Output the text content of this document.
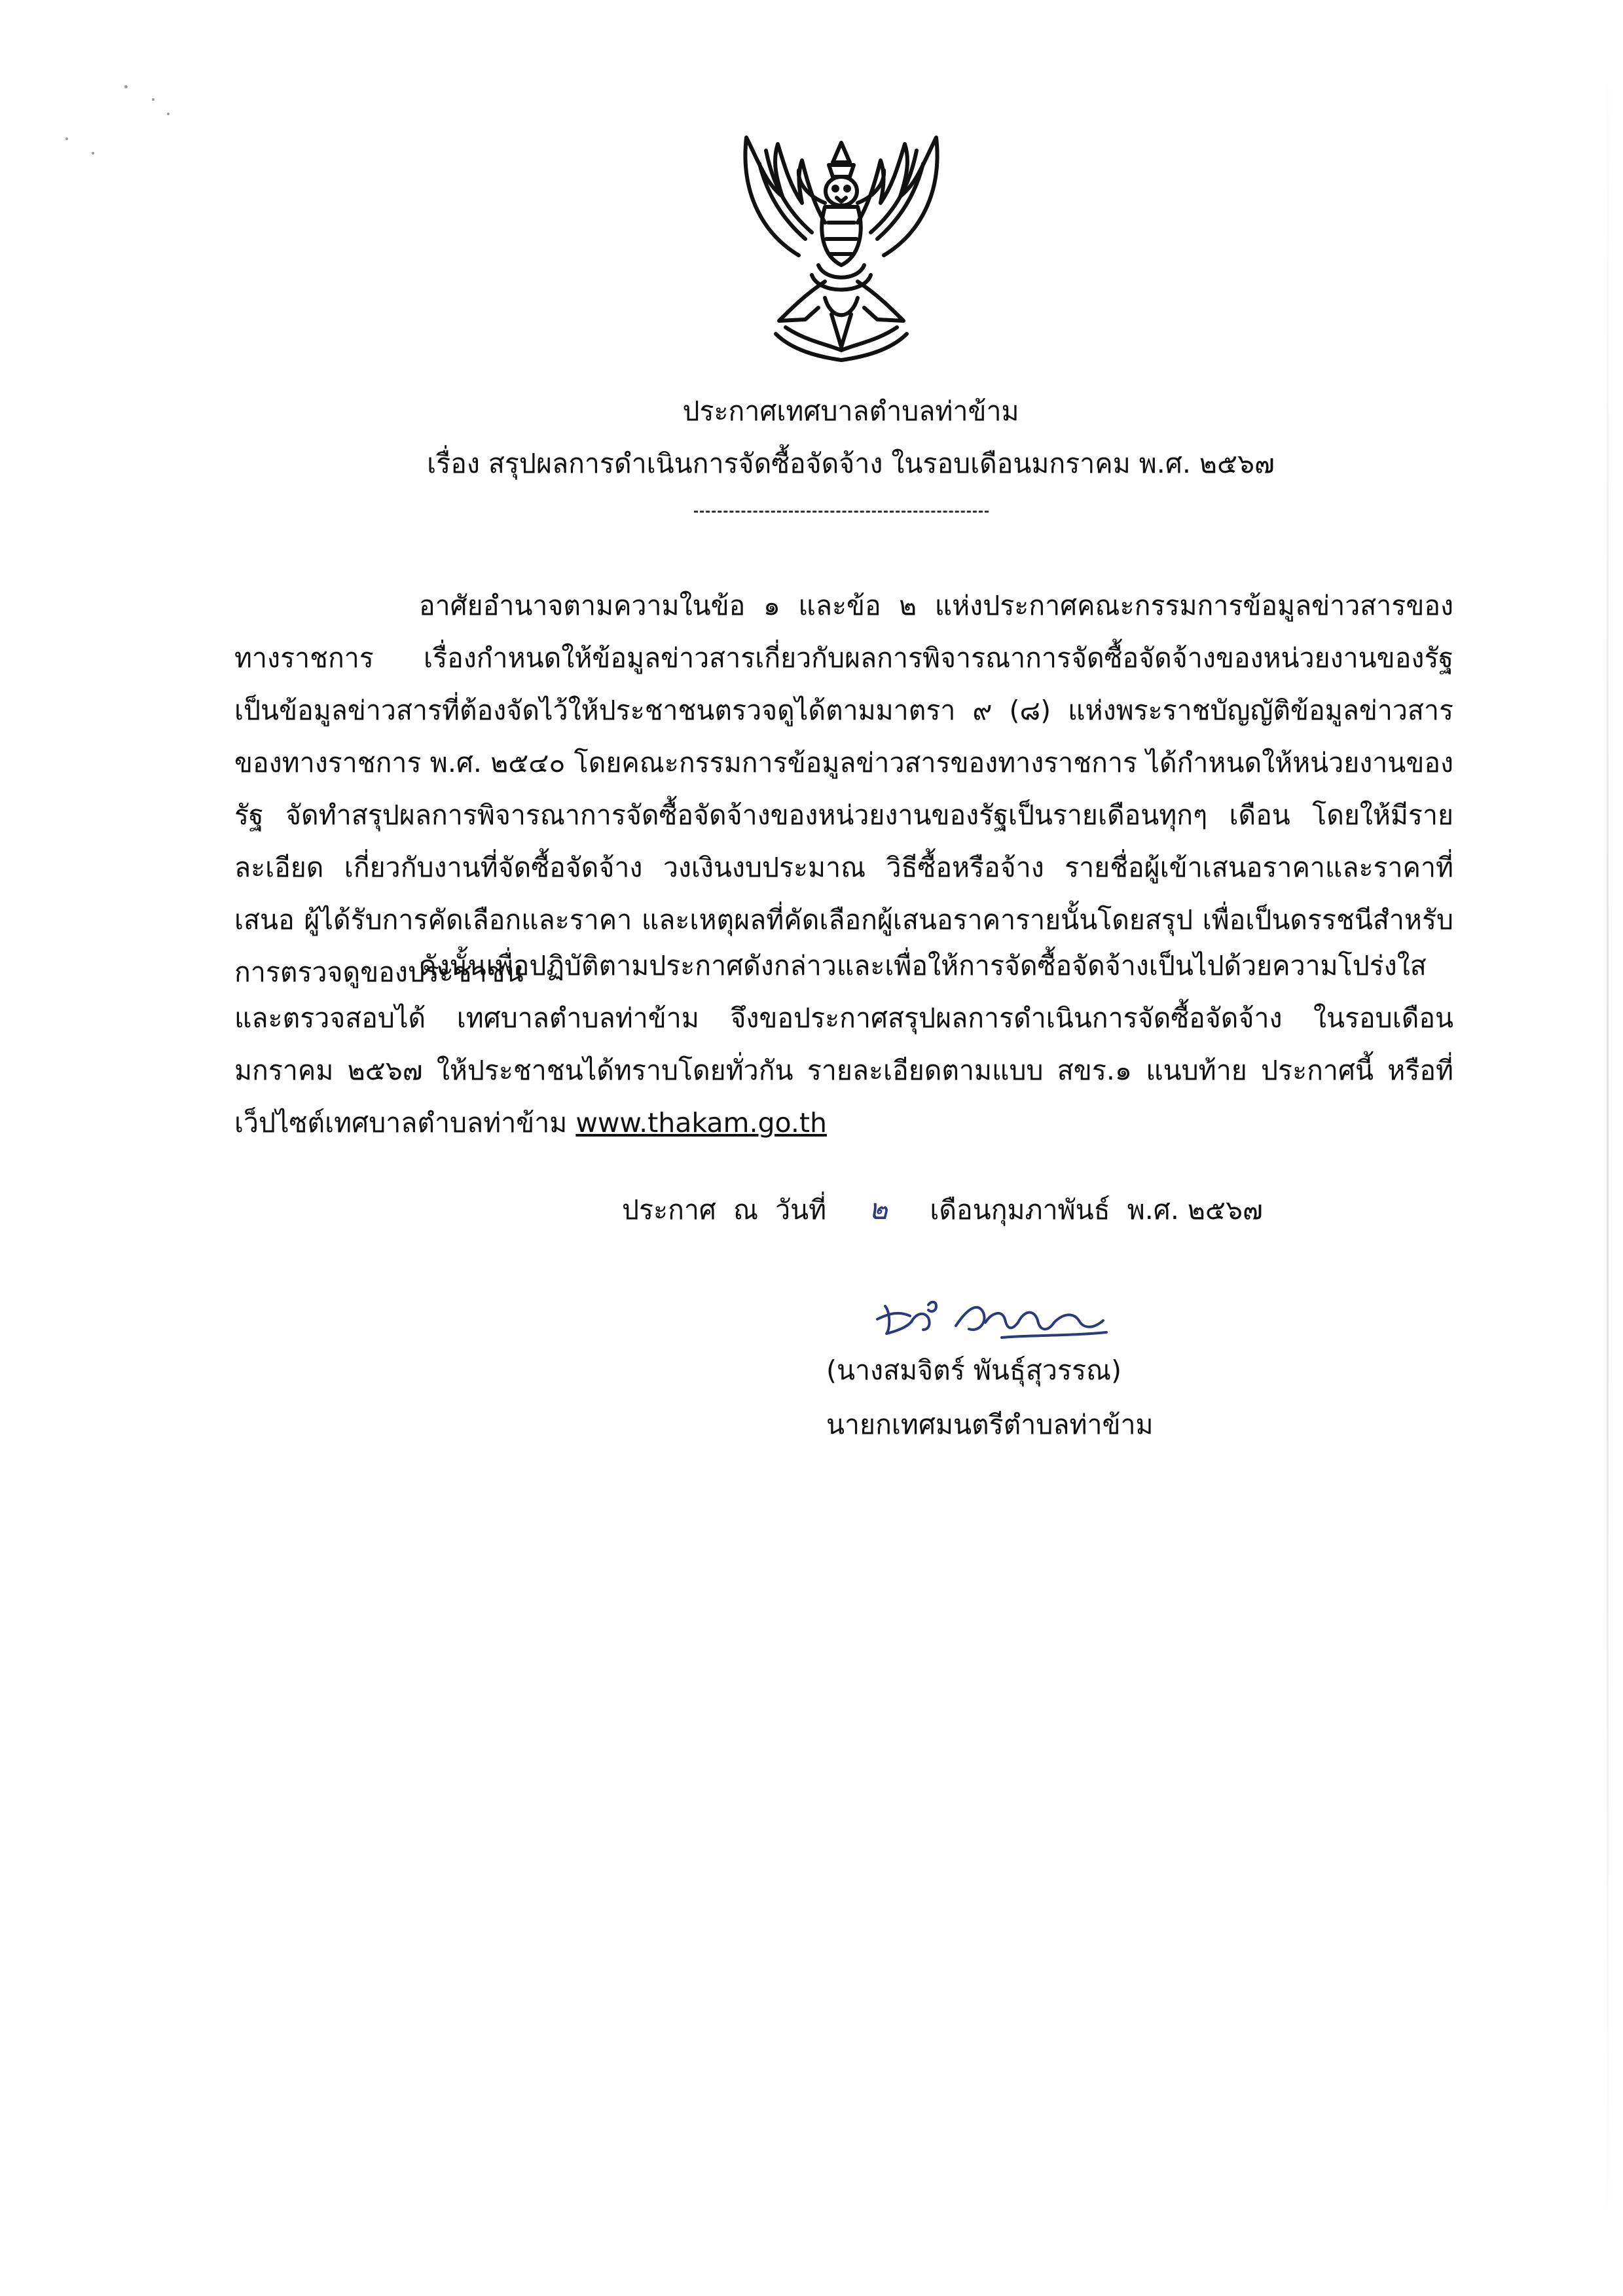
ประกาศเทศบาลตำบลท่าข้าม
เรื่อง สรุปผลการดำเนินการจัดซื้อจัดจ้าง ในรอบเดือนมกราคม พ.ศ. ๒๕๖๗
อาศัยอำนาจตามความในข้อ ๑ และข้อ ๒ แห่งประกาศคณะกรรมการข้อมูลข่าวสารของทางราชการ เรื่องกำหนดให้ข้อมูลข่าวสารเกี่ยวกับผลการพิจารณาการจัดซื้อจัดจ้างของหน่วยงานของรัฐ เป็นข้อมูลข่าวสารที่ต้องจัดไว้ให้ประชาชนตรวจดูได้ตามมาตรา ๙ (๘) แห่งพระราชบัญญัติข้อมูลข่าวสารของทางราชการ พ.ศ. ๒๕๔๐ โดยคณะกรรมการข้อมูลข่าวสารของทางราชการ ได้กำหนดให้หน่วยงานของรัฐ จัดทำสรุปผลการพิจารณาการจัดซื้อจัดจ้างของหน่วยงานของรัฐเป็นรายเดือนทุกๆ เดือน โดยให้มีรายละเอียด เกี่ยวกับงานที่จัดซื้อจัดจ้าง วงเงินงบประมาณ วิธีซื้อหรือจ้าง รายชื่อผู้เข้าเสนอราคาและราคาที่เสนอ ผู้ได้รับการคัดเลือกและราคา และเหตุผลที่คัดเลือกผู้เสนอราคารายนั้นโดยสรุป เพื่อเป็นดรรชนีสำหรับการตรวจดูของประชาชน
ดังนั้นเพื่อปฏิบัติตามประกาศดังกล่าวและเพื่อให้การจัดซื้อจัดจ้างเป็นไปด้วยความโปร่งใสและตรวจสอบได้ เทศบาลตำบลท่าข้าม จึงขอประกาศสรุปผลการดำเนินการจัดซื้อจัดจ้าง ในรอบเดือนมกราคม ๒๕๖๗ ให้ประชาชนได้ทราบโดยทั่วกัน รายละเอียดตามแบบ สขร.๑ แนบท้าย ประกาศนี้ หรือที่เว็ปไซต์เทศบาลตำบลท่าข้าม www.thakam.go.th
ประกาศ  ณ  วันที่ ๒ เดือนกุมภาพันธ์  พ.ศ. ๒๕๖๗
(นางสมจิตร์ พันธุ์สุวรรณ)
นายกเทศมนตรีตำบลท่าข้าม
